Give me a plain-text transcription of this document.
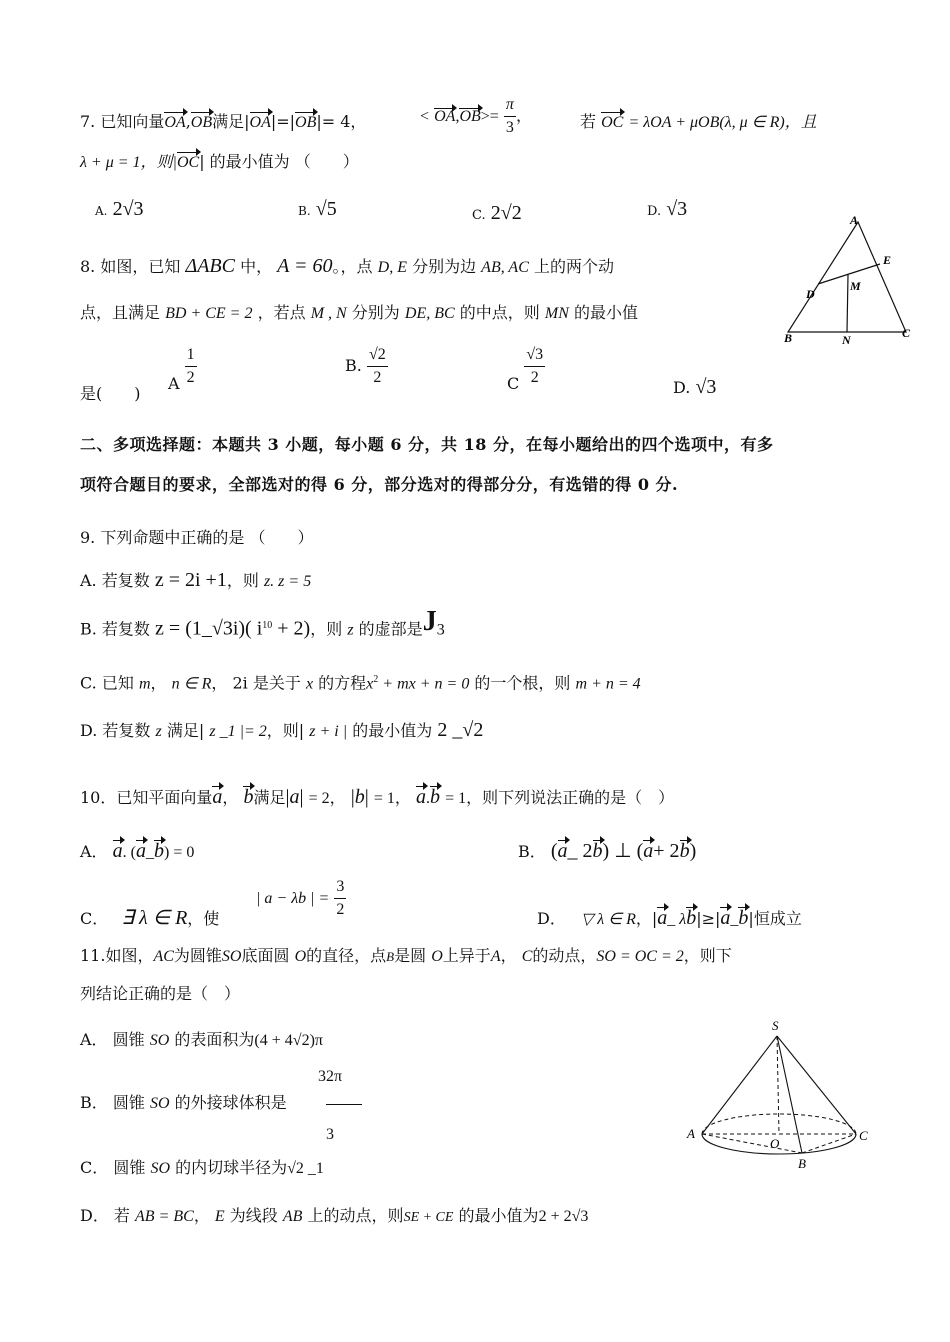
7. 已知向量OA,OB满足|OA|=|OB|= 4，	< $OA,OB>= \frac{\pi}{3}$ ，	若 OC = λOA + μOB(λ, μ ∈ R)，且
λ + μ = 1，则|OC| 的最小值为 （　　）
A. 2√3	B. √5	C. 2√2	D. √3
8. 如图，已知 ΔABC 中， A = 60。，点 D, E 分别为边 AB, AC 上的两个动
点，且满足 BD + CE = 2 ，若点 M , N 分别为 DE, BC 的中点，则 MN 的最小值
是(　　)
A $\frac{1}{2}$	B. $\frac{√2}{2}$	C $\frac{√3}{2}$	D. √3
A
E
D
M
B	N	C
二、多项选择题：本题共 3 小题，每小题 6 分，共 18 分，在每小题给出的四个选项中，有多
项符合题目的要求，全部选对的得 6 分，部分选对的得部分分，有选错的得 0 分.
9. 下列命题中正确的是 （　　）
A. 若复数 z = 2i +1，则 z. z = 5
B. 若复数 z = (1_√3i)( $i^{10} + 2$)，则 z 的虚部是J3
C. 已知 m， n ∈ R， 2i 是关于 x 的方程$x^2$ + mx + n = 0 的一个根，则 m + n = 4
D. 若复数 z 满足| z _1 |= 2，则| z + i | 的最小值为 2 _√2
10．已知平面向量a， b满足|a| = 2， |b| = 1， a.b = 1，则下列说法正确的是（　）
A． a. (a_b) = 0	B． (a_ 2b) ⊥ (a+ 2b)
C． ∃ λ ∈ R，使
| a − λb | = $\frac{3}{2}$	D． ▽ λ ∈ R，|a_ λb|≥|a_b|恒成立
11.如图，AC为圆锥SO底面圆 O的直径，点B是圆 O上异于A， C的动点，SO = OC = 2，则下
列结论正确的是（　）
A． 圆锥 SO 的表面积为(4 + 4√2)π
B． 圆锥 SO 的外接球体积是
32π
3
C． 圆锥 SO 的内切球半径为√2 _1
D． 若 AB = BC， E 为线段 AB 上的动点，则SE + CE 的最小值为2 + 2√3
S
A
O
C
B
